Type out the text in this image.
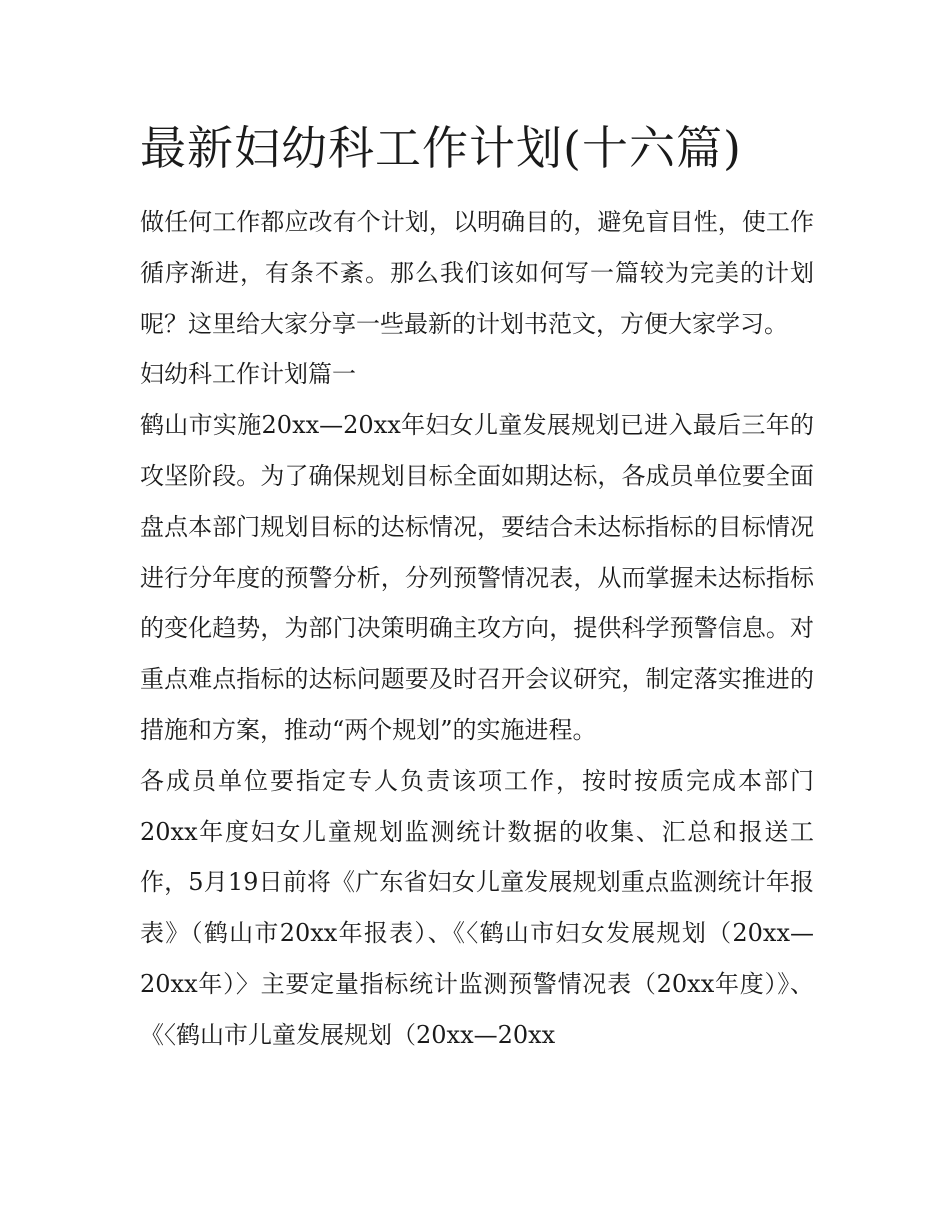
最新妇幼科工作计划(十六篇)

做任何工作都应改有个计划，以明确目的，避免盲目性，使工作循序渐进，有条不紊。那么我们该如何写一篇较为完美的计划呢？这里给大家分享一些最新的计划书范文，方便大家学习。

妇幼科工作计划篇一

鹤山市实施20xx—20xx年妇女儿童发展规划已进入最后三年的攻坚阶段。为了确保规划目标全面如期达标，各成员单位要全面盘点本部门规划目标的达标情况，要结合未达标指标的目标情况进行分年度的预警分析，分列预警情况表，从而掌握未达标指标的变化趋势，为部门决策明确主攻方向，提供科学预警信息。对重点难点指标的达标问题要及时召开会议研究，制定落实推进的措施和方案，推动“两个规划”的实施进程。

各成员单位要指定专人负责该项工作，按时按质完成本部门20xx年度妇女儿童规划监测统计数据的收集、汇总和报送工作，5月19日前将《广东省妇女儿童发展规划重点监测统计年报表》（鹤山市20xx年报表）、《〈鹤山市妇女发展规划（20xx—20xx年）〉主要定量指标统计监测预警情况表（20xx年度）》、《〈鹤山市儿童发展规划（20xx—20xx
